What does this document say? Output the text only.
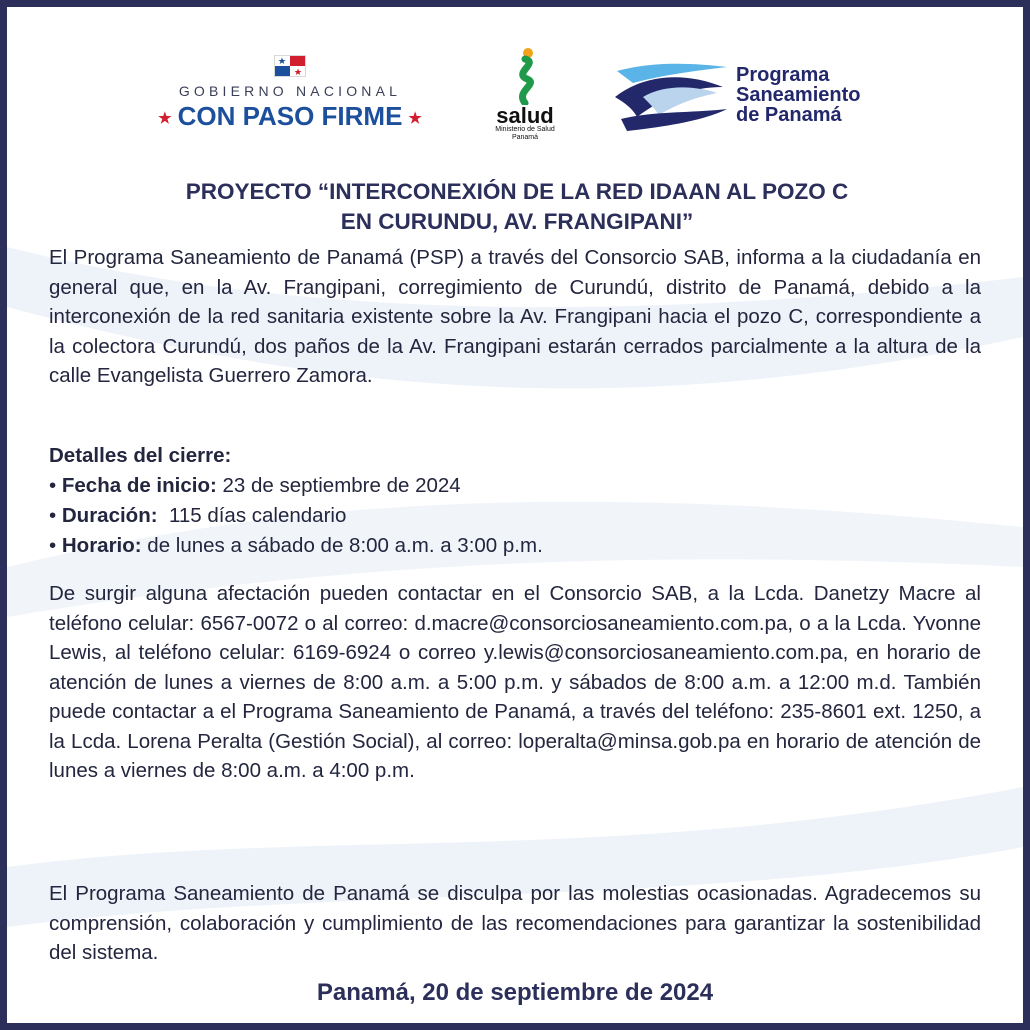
GOBIERNO NACIONAL
★ CON PASO FIRME ★	salud
Ministerio de Salud
Panamá
Programa
Saneamiento
de Panamá
PROYECTO “INTERCONEXIÓN DE LA RED IDAAN AL POZO C
EN CURUNDU, AV. FRANGIPANI”
El Programa Saneamiento de Panamá (PSP) a través del Consorcio SAB, informa a la ciudadanía en general que, en la Av. Frangipani, corregimiento de Curundú, distrito de Panamá, debido a la interconexión de la red sanitaria existente sobre la Av. Frangipani hacia el pozo C, correspondiente a la colectora Curundú, dos paños de la Av. Frangipani estarán cerrados parcialmente a la altura de la calle Evangelista Guerrero Zamora.
Detalles del cierre:
• Fecha de inicio: 23 de septiembre de 2024
• Duración:  115 días calendario
• Horario: de lunes a sábado de 8:00 a.m. a 3:00 p.m.
De surgir alguna afectación pueden contactar en el Consorcio SAB, a la Lcda. Danetzy Macre al teléfono celular: 6567-0072 o al correo: d.macre@consorciosaneamiento.com.pa, o a la Lcda. Yvonne Lewis, al teléfono celular: 6169-6924 o correo y.lewis@consorciosaneamiento.com.pa, en horario de atención de lunes a viernes de 8:00 a.m. a 5:00 p.m. y sábados de 8:00 a.m. a 12:00 m.d. También puede contactar a el Programa Saneamiento de Panamá, a través del teléfono: 235-8601 ext. 1250, a la Lcda. Lorena Peralta (Gestión Social), al correo: loperalta@minsa.gob.pa en horario de atención de lunes a viernes de 8:00 a.m. a 4:00 p.m.
El Programa Saneamiento de Panamá se disculpa por las molestias ocasionadas. Agradecemos su comprensión, colaboración y cumplimiento de las recomendaciones para garantizar la sostenibilidad del sistema.
Panamá, 20 de septiembre de 2024
